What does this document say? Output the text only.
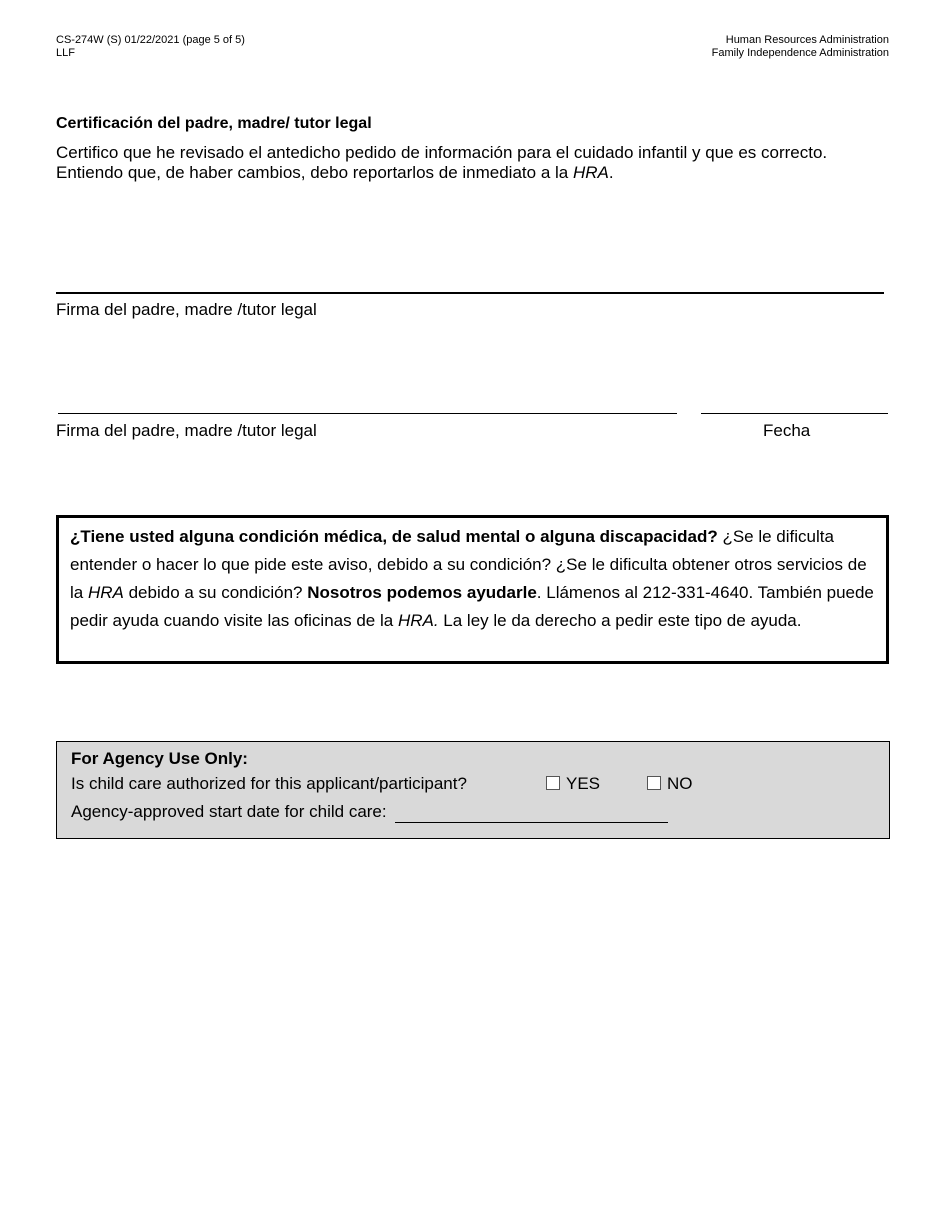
CS-274W (S) 01/22/2021 (page 5 of 5)
LLF
Human Resources Administration
Family Independence Administration
Certificación del padre, madre/ tutor legal
Certifico que he revisado el antedicho pedido de información para el cuidado infantil y que es correcto. Entiendo que, de haber cambios, debo reportarlos de inmediato a la HRA.
Firma del padre, madre /tutor legal
Firma del padre, madre /tutor legal	Fecha
¿Tiene usted alguna condición médica, de salud mental o alguna discapacidad? ¿Se le dificulta entender o hacer lo que pide este aviso, debido a su condición? ¿Se le dificulta obtener otros servicios de la HRA debido a su condición? Nosotros podemos ayudarle. Llámenos al 212-331-4640. También puede pedir ayuda cuando visite las oficinas de la HRA. La ley le da derecho a pedir este tipo de ayuda.
For Agency Use Only:
Is child care authorized for this applicant/participant?	YES	NO
Agency-approved start date for child care:
